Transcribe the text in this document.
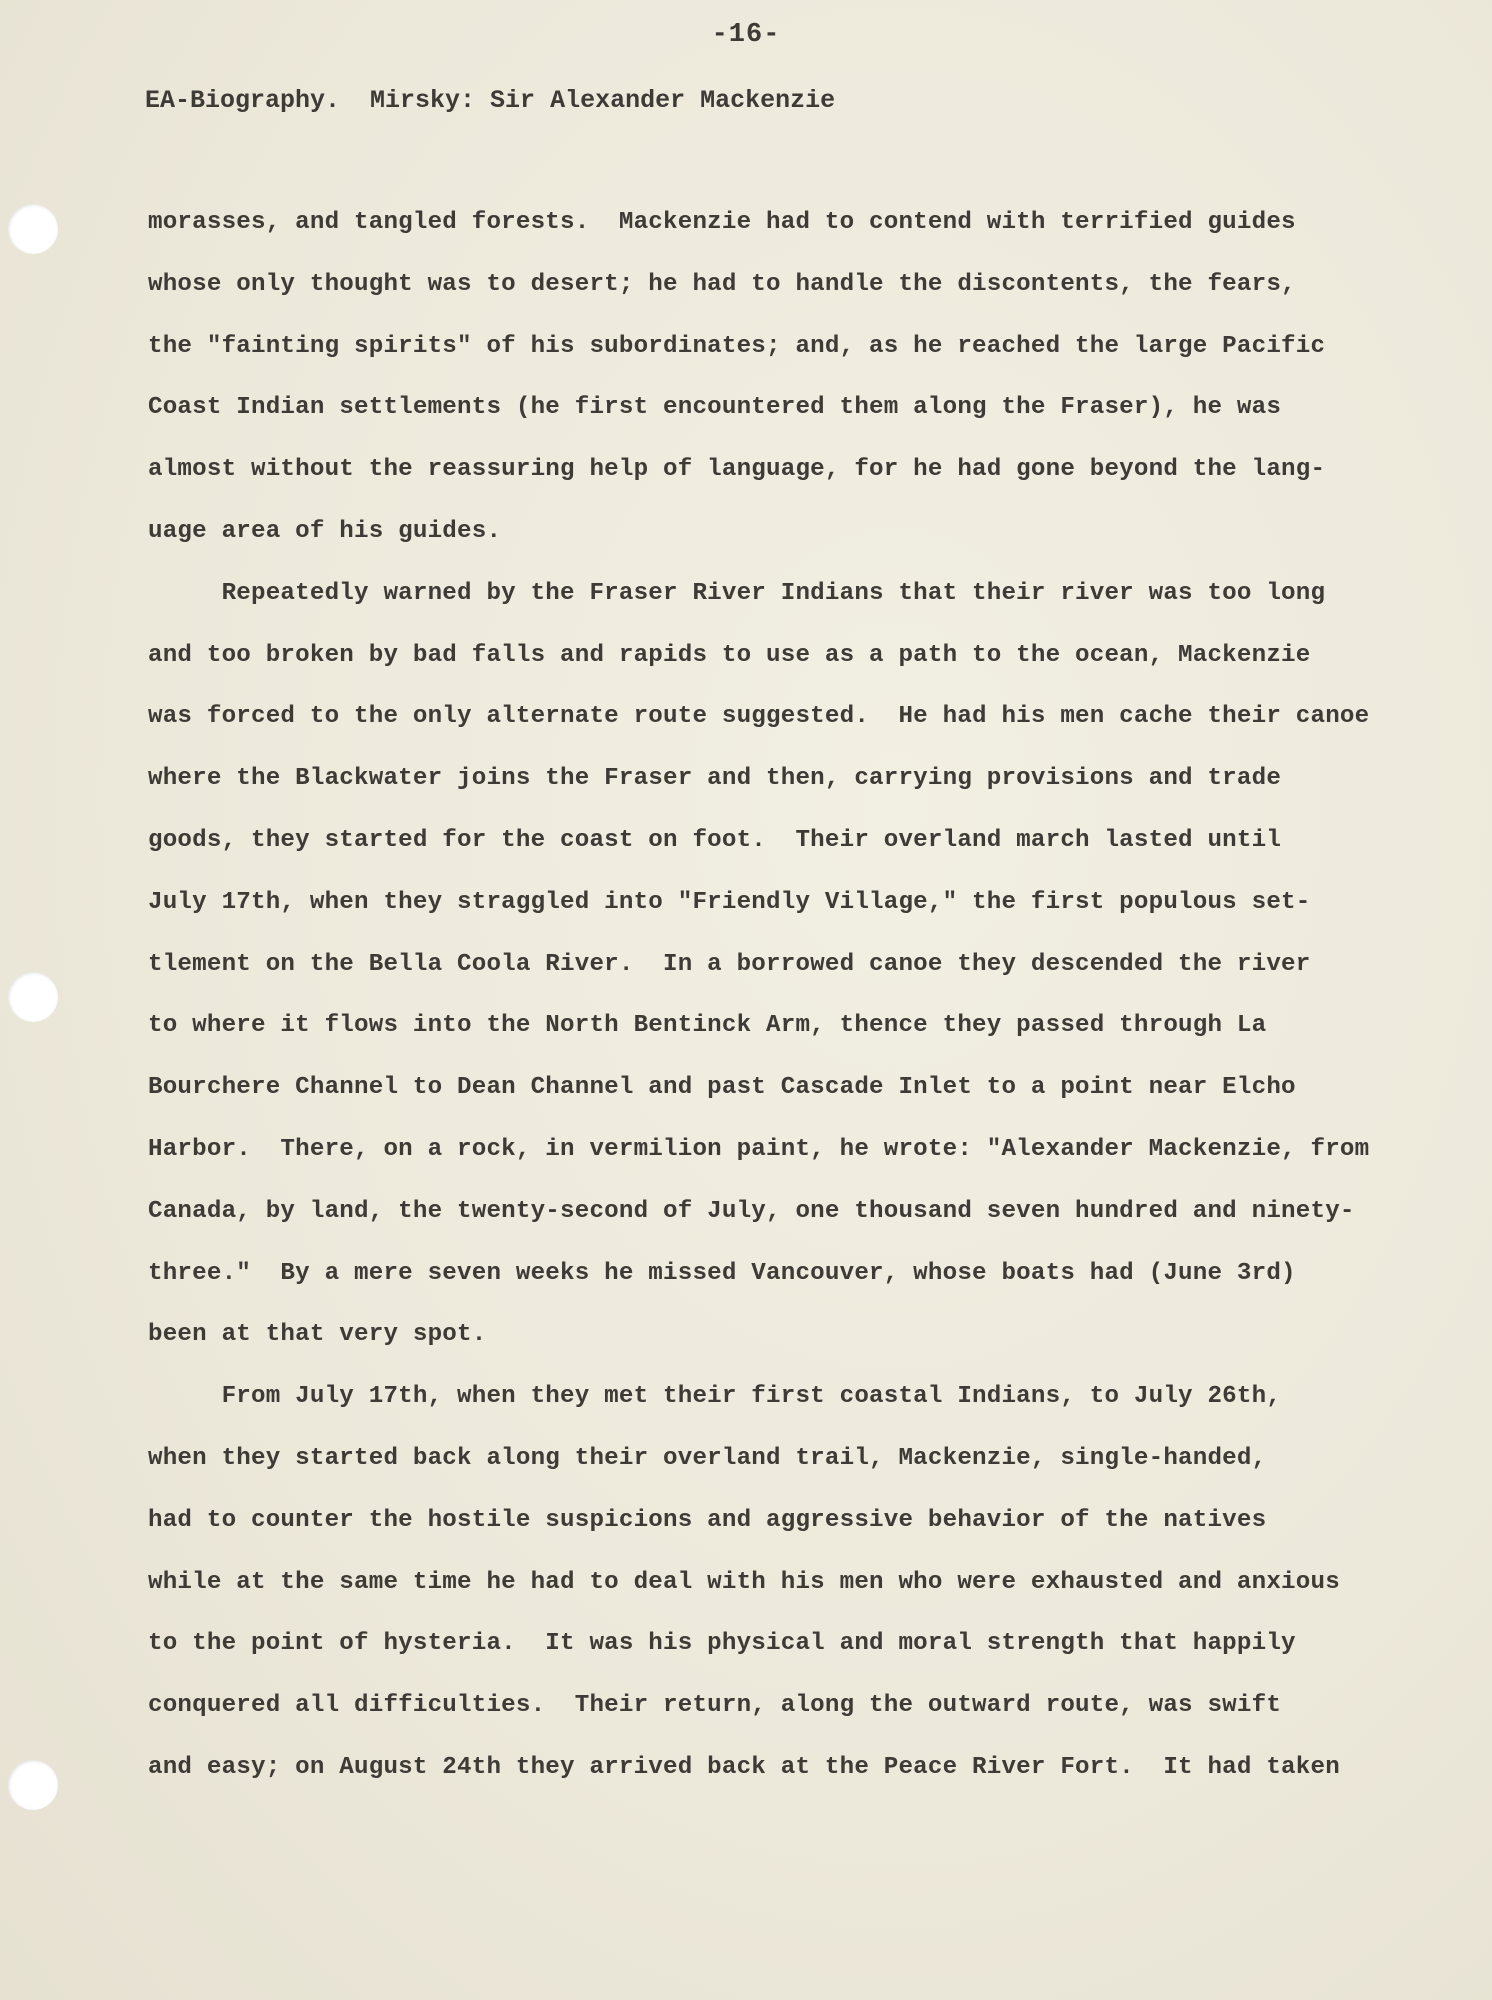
-16-
EA-Biography.  Mirsky: Sir Alexander Mackenzie
morasses, and tangled forests.  Mackenzie had to contend with terrified guides
whose only thought was to desert; he had to handle the discontents, the fears,
the "fainting spirits" of his subordinates; and, as he reached the large Pacific
Coast Indian settlements (he first encountered them along the Fraser), he was
almost without the reassuring help of language, for he had gone beyond the lang-
uage area of his guides.
Repeatedly warned by the Fraser River Indians that their river was too long
and too broken by bad falls and rapids to use as a path to the ocean, Mackenzie
was forced to the only alternate route suggested.  He had his men cache their canoe
where the Blackwater joins the Fraser and then, carrying provisions and trade
goods, they started for the coast on foot.  Their overland march lasted until
July 17th, when they straggled into "Friendly Village," the first populous set-
tlement on the Bella Coola River.  In a borrowed canoe they descended the river
to where it flows into the North Bentinck Arm, thence they passed through La
Bourchere Channel to Dean Channel and past Cascade Inlet to a point near Elcho
Harbor.  There, on a rock, in vermilion paint, he wrote: "Alexander Mackenzie, from
Canada, by land, the twenty-second of July, one thousand seven hundred and ninety-
three."  By a mere seven weeks he missed Vancouver, whose boats had (June 3rd)
been at that very spot.
From July 17th, when they met their first coastal Indians, to July 26th,
when they started back along their overland trail, Mackenzie, single-handed,
had to counter the hostile suspicions and aggressive behavior of the natives
while at the same time he had to deal with his men who were exhausted and anxious
to the point of hysteria.  It was his physical and moral strength that happily
conquered all difficulties.  Their return, along the outward route, was swift
and easy; on August 24th they arrived back at the Peace River Fort.  It had taken
